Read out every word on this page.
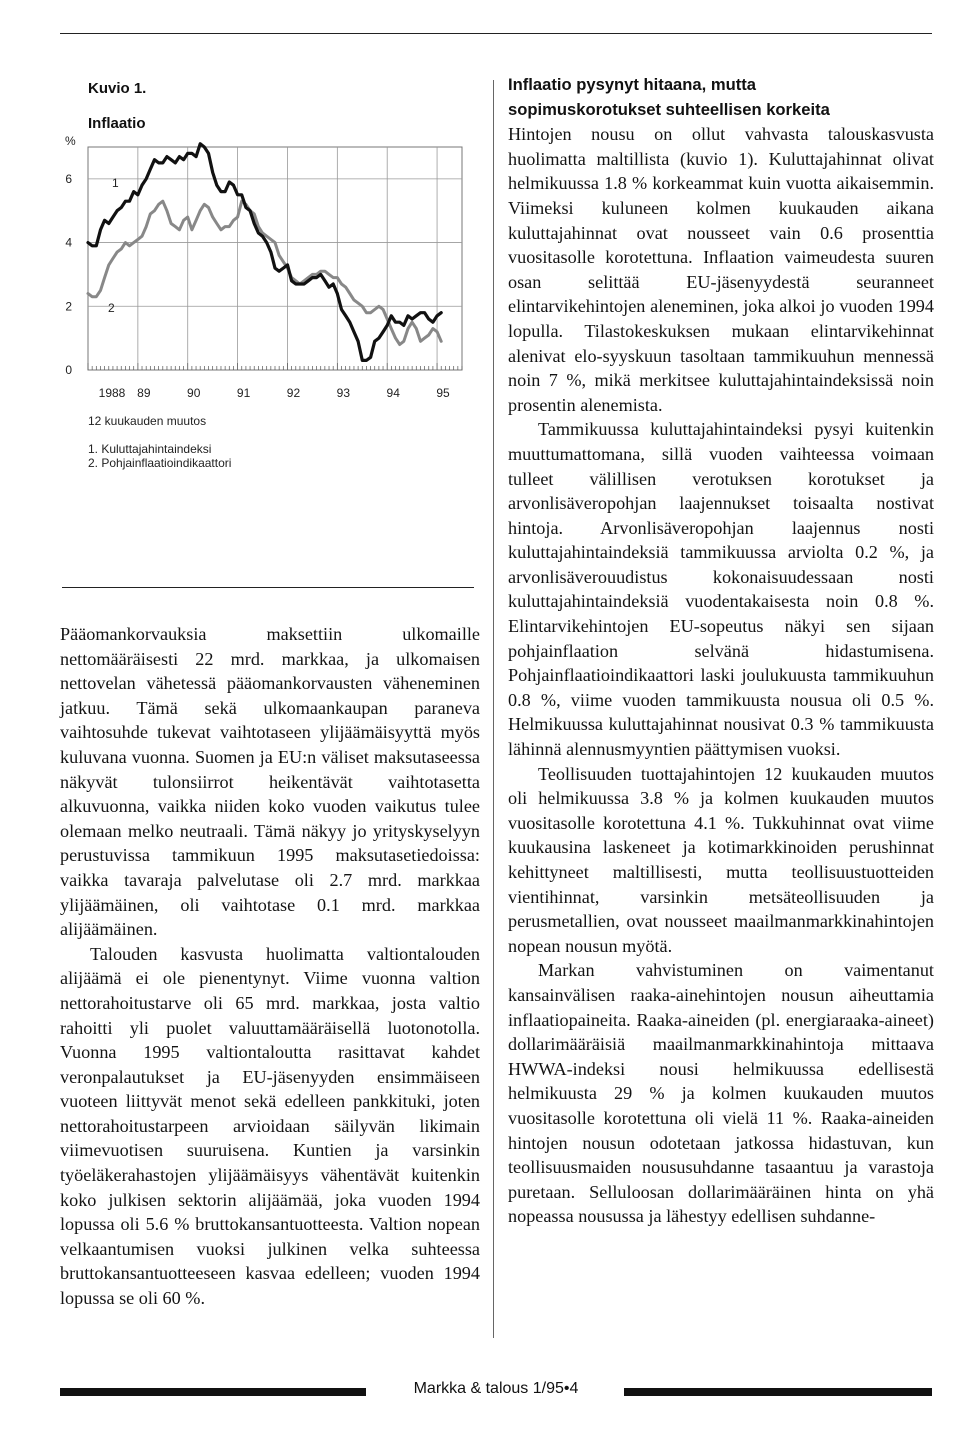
Kuvio 1.
Inflaatio
0
2
4
6
1988 89	90	91	92	93	94	95
%
1
2
12 kuukauden muutos
1. Kuluttajahintaindeksi
2. Pohjainflaatioindikaattori

Pääomankorvauksia maksettiin ulkomaille nettomääräisesti 22 mrd. markkaa, ja ulkomaisen nettovelan vähetessä pääomankorvausten väheneminen jatkuu. Tämä sekä ulkomaankaupan paraneva vaihtosuhde tukevat vaihtotaseen ylijäämäisyyttä myös kuluvana vuonna. Suomen ja EU:n väliset maksutaseessa näkyvät tulonsiirrot heikentävät vaihtotasetta alkuvuonna, vaikka niiden koko vuoden vaikutus tulee olemaan melko neutraali. Tämä näkyy jo yrityskyselyyn perustuvissa tammikuun 1995 maksutasetiedoissa: vaikka tavaraja palvelutase oli 2.7 mrd. markkaa ylijäämäinen, oli vaihtotase 0.1 mrd. markkaa alijäämäinen.

Talouden kasvusta huolimatta valtiontalouden alijäämä ei ole pienentynyt. Viime vuonna valtion nettorahoitustarve oli 65 mrd. markkaa, josta valtio rahoitti yli puolet valuuttamääräisellä luotonotolla. Vuonna 1995 valtiontaloutta rasittavat kahdet veronpalautukset ja EU-jäsenyyden ensimmäiseen vuoteen liittyvät menot sekä edelleen pankkituki, joten nettorahoitustarpeen arvioidaan säilyvän likimain viimevuotisen suuruisena. Kuntien ja varsinkin työeläkerahastojen ylijäämäisyys vähentävät kuitenkin koko julkisen sektorin alijäämää, joka vuoden 1994 lopussa oli 5.6 % bruttokansantuotteesta. Valtion nopean velkaantumisen vuoksi julkinen velka suhteessa bruttokansantuotteeseen kasvaa edelleen; vuoden 1994 lopussa se oli 60 %.

Inflaatio pysynyt hitaana, mutta
sopimuskorotukset suhteellisen korkeita

Hintojen nousu on ollut vahvasta talouskasvusta huolimatta maltillista (kuvio 1). Kuluttajahinnat olivat helmikuussa 1.8 % korkeammat kuin vuotta aikaisemmin. Viimeksi kuluneen kolmen kuukauden aikana kuluttajahinnat ovat nousseet vain 0.6 prosenttia vuositasolle korotettuna. Inflaation vaimeudesta suuren osan selittää EU-jäsenyydestä seuranneet elintarvikehintojen aleneminen, joka alkoi jo vuoden 1994 lopulla. Tilastokeskuksen mukaan elintarvikehinnat alenivat elo-syyskuun tasoltaan tammikuuhun mennessä noin 7 %, mikä merkitsee kuluttajahintaindeksissä noin prosentin alenemista.

Tammikuussa kuluttajahintaindeksi pysyi kuitenkin muuttumattomana, sillä vuoden vaihteessa voimaan tulleet välillisen verotuksen korotukset ja arvonlisäveropohjan laajennukset toisaalta nostivat hintoja. Arvonlisäveropohjan laajennus nosti kuluttajahintaindeksiä tammikuussa arviolta 0.2 %, ja arvonlisäverouudistus kokonaisuudessaan nosti kuluttajahintaindeksiä vuodentakaisesta noin 0.8 %. Elintarvikehintojen EU-sopeutus näkyi sen sijaan pohjainflaation selvänä hidastumisena. Pohjainflaatioindikaattori laski joulukuusta tammikuuhun 0.8 %, viime vuoden tammikuusta nousua oli 0.5 %. Helmikuussa kuluttajahinnat nousivat 0.3 % tammikuusta lähinnä alennusmyyntien päättymisen vuoksi.

Teollisuuden tuottajahintojen 12 kuukauden muutos oli helmikuussa 3.8 % ja kolmen kuukauden muutos vuositasolle korotettuna 4.1 %. Tukkuhinnat ovat viime kuukausina laskeneet ja kotimarkkinoiden perushinnat kehittyneet maltillisesti, mutta teollisuustuotteiden vientihinnat, varsinkin metsäteollisuuden ja perusmetallien, ovat nousseet maailmanmarkkinahintojen nopean nousun myötä.

Markan vahvistuminen on vaimentanut kansainvälisen raaka-ainehintojen nousun aiheuttamia inflaatiopaineita. Raaka-aineiden (pl. energiaraaka-aineet) dollarimääräisiä maailmanmarkkinahintoja mittaava HWWA-indeksi nousi helmikuussa edellisestä helmikuusta 29 % ja kolmen kuukauden muutos vuositasolle korotettuna oli vielä 11 %. Raaka-aineiden hintojen nousun odotetaan jatkossa hidastuvan, kun teollisuusmaiden noususuhdanne tasaantuu ja varastoja puretaan. Selluloosan dollarimääräinen hinta on yhä nopeassa nousussa ja lähestyy edellisen suhdanne-

Markka & talous 1/95•4
